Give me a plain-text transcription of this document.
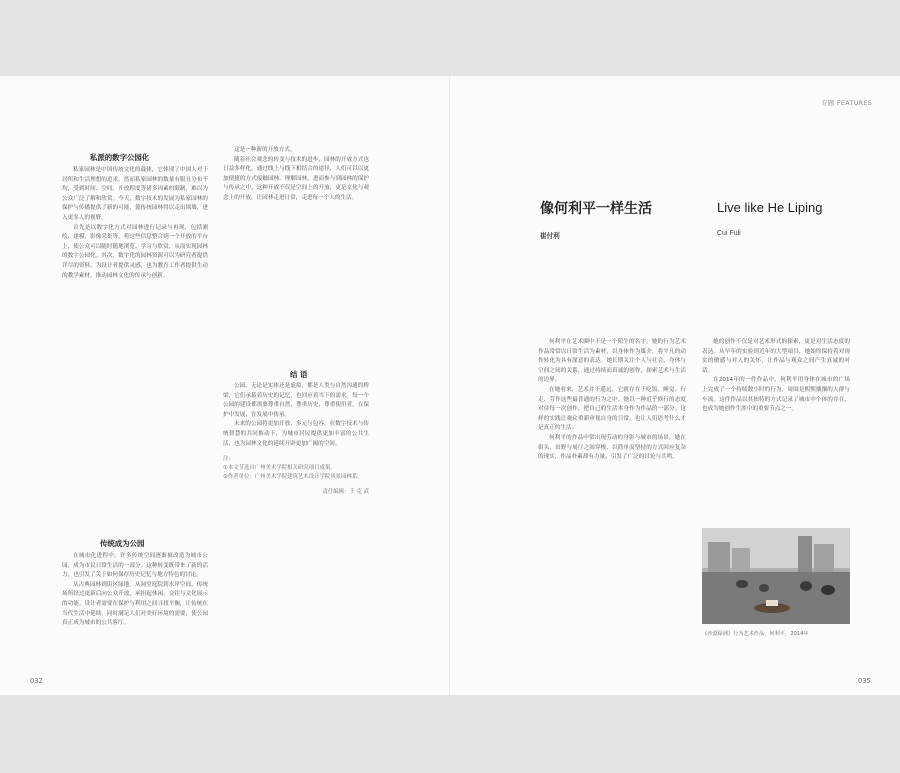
私派的数字公园化

私家园林是中国传统文化的载体，它体现了中国人对于居所和生活理想的追求。然而私家园林的数量有限且分布不均，受到时间、空间、开放程度等诸多因素的限制，难以为公众广泛了解和欣赏。今天，数字技术的发展为私家园林的保护与传播提供了新的可能，使传统园林得以走出围墙，进入更多人的视野。

首先是以数字化方式对园林进行记录与再现，包括测绘、建模、影像采集等。将这些信息整合到一个开放的平台上，使公众可以随时随地浏览、学习与欣赏，从而实现园林的数字公园化。其次，数字化的园林资源可以为研究者提供详尽的资料，为设计者提供灵感，也为教育工作者提供生动的教学素材，推动园林文化的传承与创新。

传统成为公园

在城市化进程中，许多传统空间逐渐被改造为城市公园，成为市民日常生活的一部分。这种转变既带来了新的活力，也引发了关于如何保存历史记忆与地方特色的讨论。

从古典园林到街区绿地，从祠堂庭院到水岸空间，传统场所经过更新后向公众开放，承担起休闲、交往与文化展示的功能。设计者需要在保护与利用之间寻找平衡，让传统在当代生活中延续，同时满足人们对美好环境的需要，使公园真正成为城市的公共客厅。

这是一种新的开放方式。

随着社会观念的转变与技术的进步，园林的开放方式也日益多样化。通过线上与线下相结合的途径，人们可以以更加便捷的方式接触园林、理解园林，进而参与到园林的保护与传承之中。这种开放不仅是空间上的开放，更是文化与观念上的开放，让园林走进日常，走进每一个人的生活。

结 语

公园，无论是实体还是虚拟，都是人类与自然沟通的桥梁，它们承载着历史的记忆，也回应着当下的需求。每一个公园的建设都需要尊重自然、尊重历史、尊重使用者，在保护中发展，在发展中传承。

未来的公园将更加开放、多元与包容，在数字技术与传统智慧的共同推动下，为城市居民提供更加丰富的公共生活，也为园林文化的延续开辟更加广阔的空间。

注：
①本文节选自广州美术学院相关研究项目成果。
②作者单位：广州美术学院建筑艺术设计学院风景园林系。
责任编辑：王 克 武
032
专题 FEATURES
像何利平一样生活
崔付利
Live like He Liping
Cui Fuli

何利平在艺术圈中不是一个陌生的名字，她的行为艺术作品常常以日常生活为素材，以身体作为媒介，将平凡的动作转化为具有深意的表达。她长期关注个人与社会、身体与空间之间的关系，通过持续而真诚的创作，探索艺术与生活的边界。

在她看来，艺术并不遥远，它就存在于吃饭、睡觉、行走、劳作这些最普通的行为之中。她以一种近乎修行的态度对待每一次创作，把自己的生活本身作为作品的一部分。这样的实践让观众重新审视自身的日常，也让人们思考什么才是真正的生活。

何利平的作品中常出现劳动的身影与城市的场景。她在街头、田野与展厅之间穿梭，以简单而坚持的方式回应复杂的现实，作品朴素却有力量，引发了广泛的讨论与共鸣。

她的创作不仅是对艺术形式的探索，更是对生活态度的表达。从早年的实验到近年的大型项目，她始终保持着对现实的敏感与对人的关怀，让作品与观众之间产生真诚的对话。

在2014年的一件作品中，何利平用身体在城市的广场上完成了一个持续数小时的行为，周围是熙熙攘攘的人群与车流。这件作品以其独特的方式记录了城市中个体的存在，也成为她创作生涯中的重要节点之一。

《沙漠绿洲》行为艺术作品，何利平，2014年
035
